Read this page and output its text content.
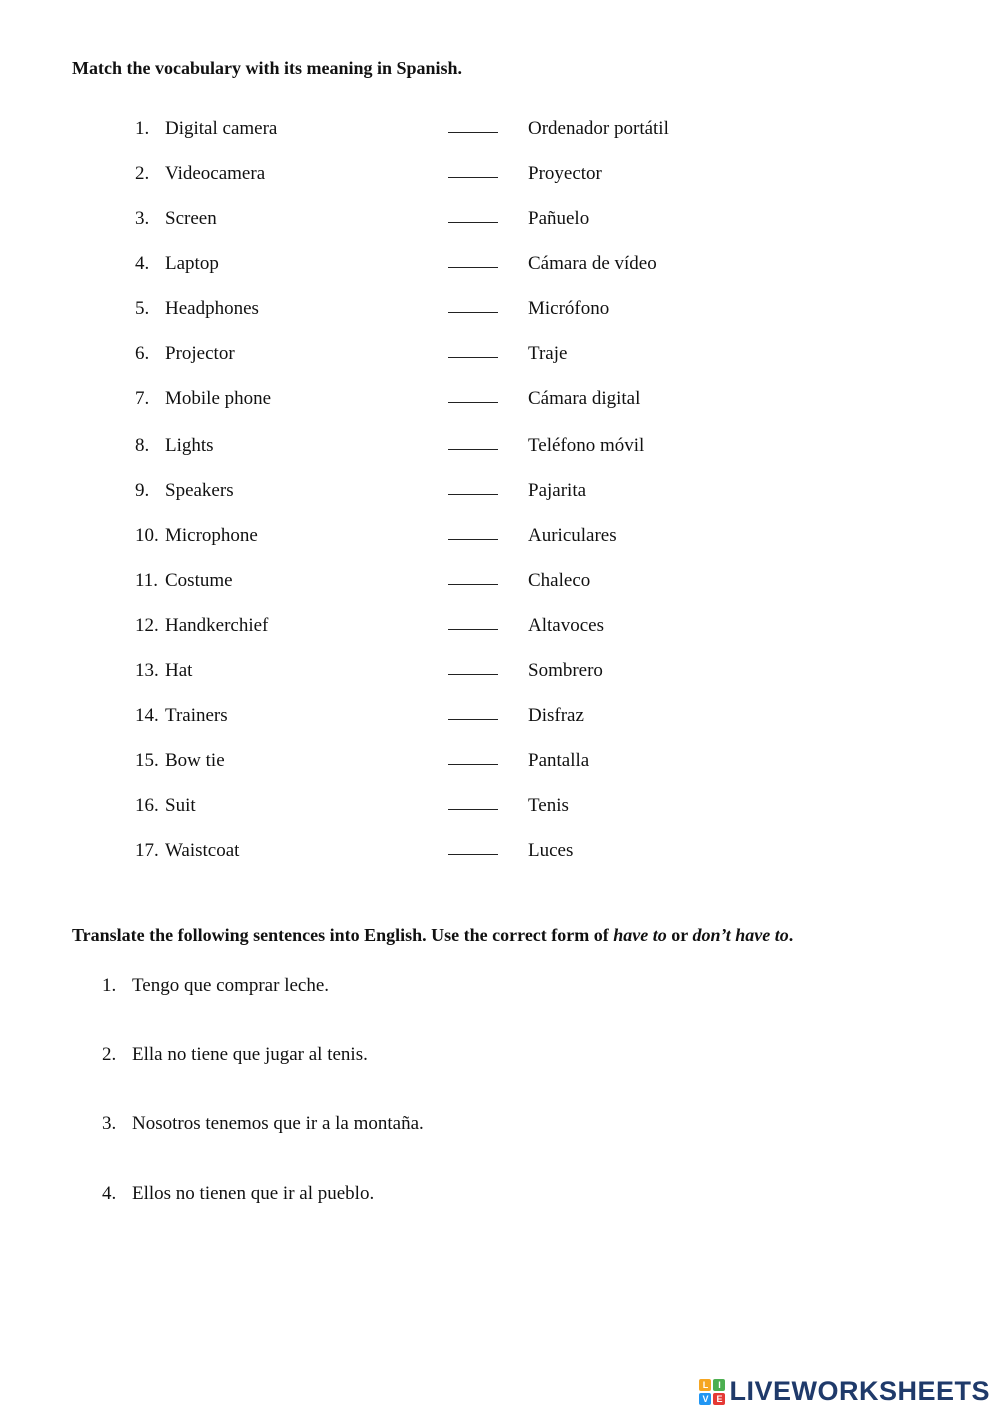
Match the vocabulary with its meaning in Spanish.
1. Digital camera	Ordenador portátil
2. Videocamera	Proyector
3. Screen	Pañuelo
4. Laptop	Cámara de vídeo
5. Headphones	Micrófono
6. Projector	Traje
7. Mobile phone	Cámara digital
8. Lights	Teléfono móvil
9. Speakers	Pajarita
10. Microphone	Auriculares
11. Costume	Chaleco
12. Handkerchief	Altavoces
13. Hat	Sombrero
14. Trainers	Disfraz
15. Bow tie	Pantalla
16. Suit	Tenis
17. Waistcoat	Luces
Translate the following sentences into English. Use the correct form of have to or don’t have to.
1. Tengo que comprar leche.
2. Ella no tiene que jugar al tenis.
3. Nosotros tenemos que ir a la montaña.
4. Ellos no tienen que ir al pueblo.
L	I
V E LIVEWORKSHEETS
